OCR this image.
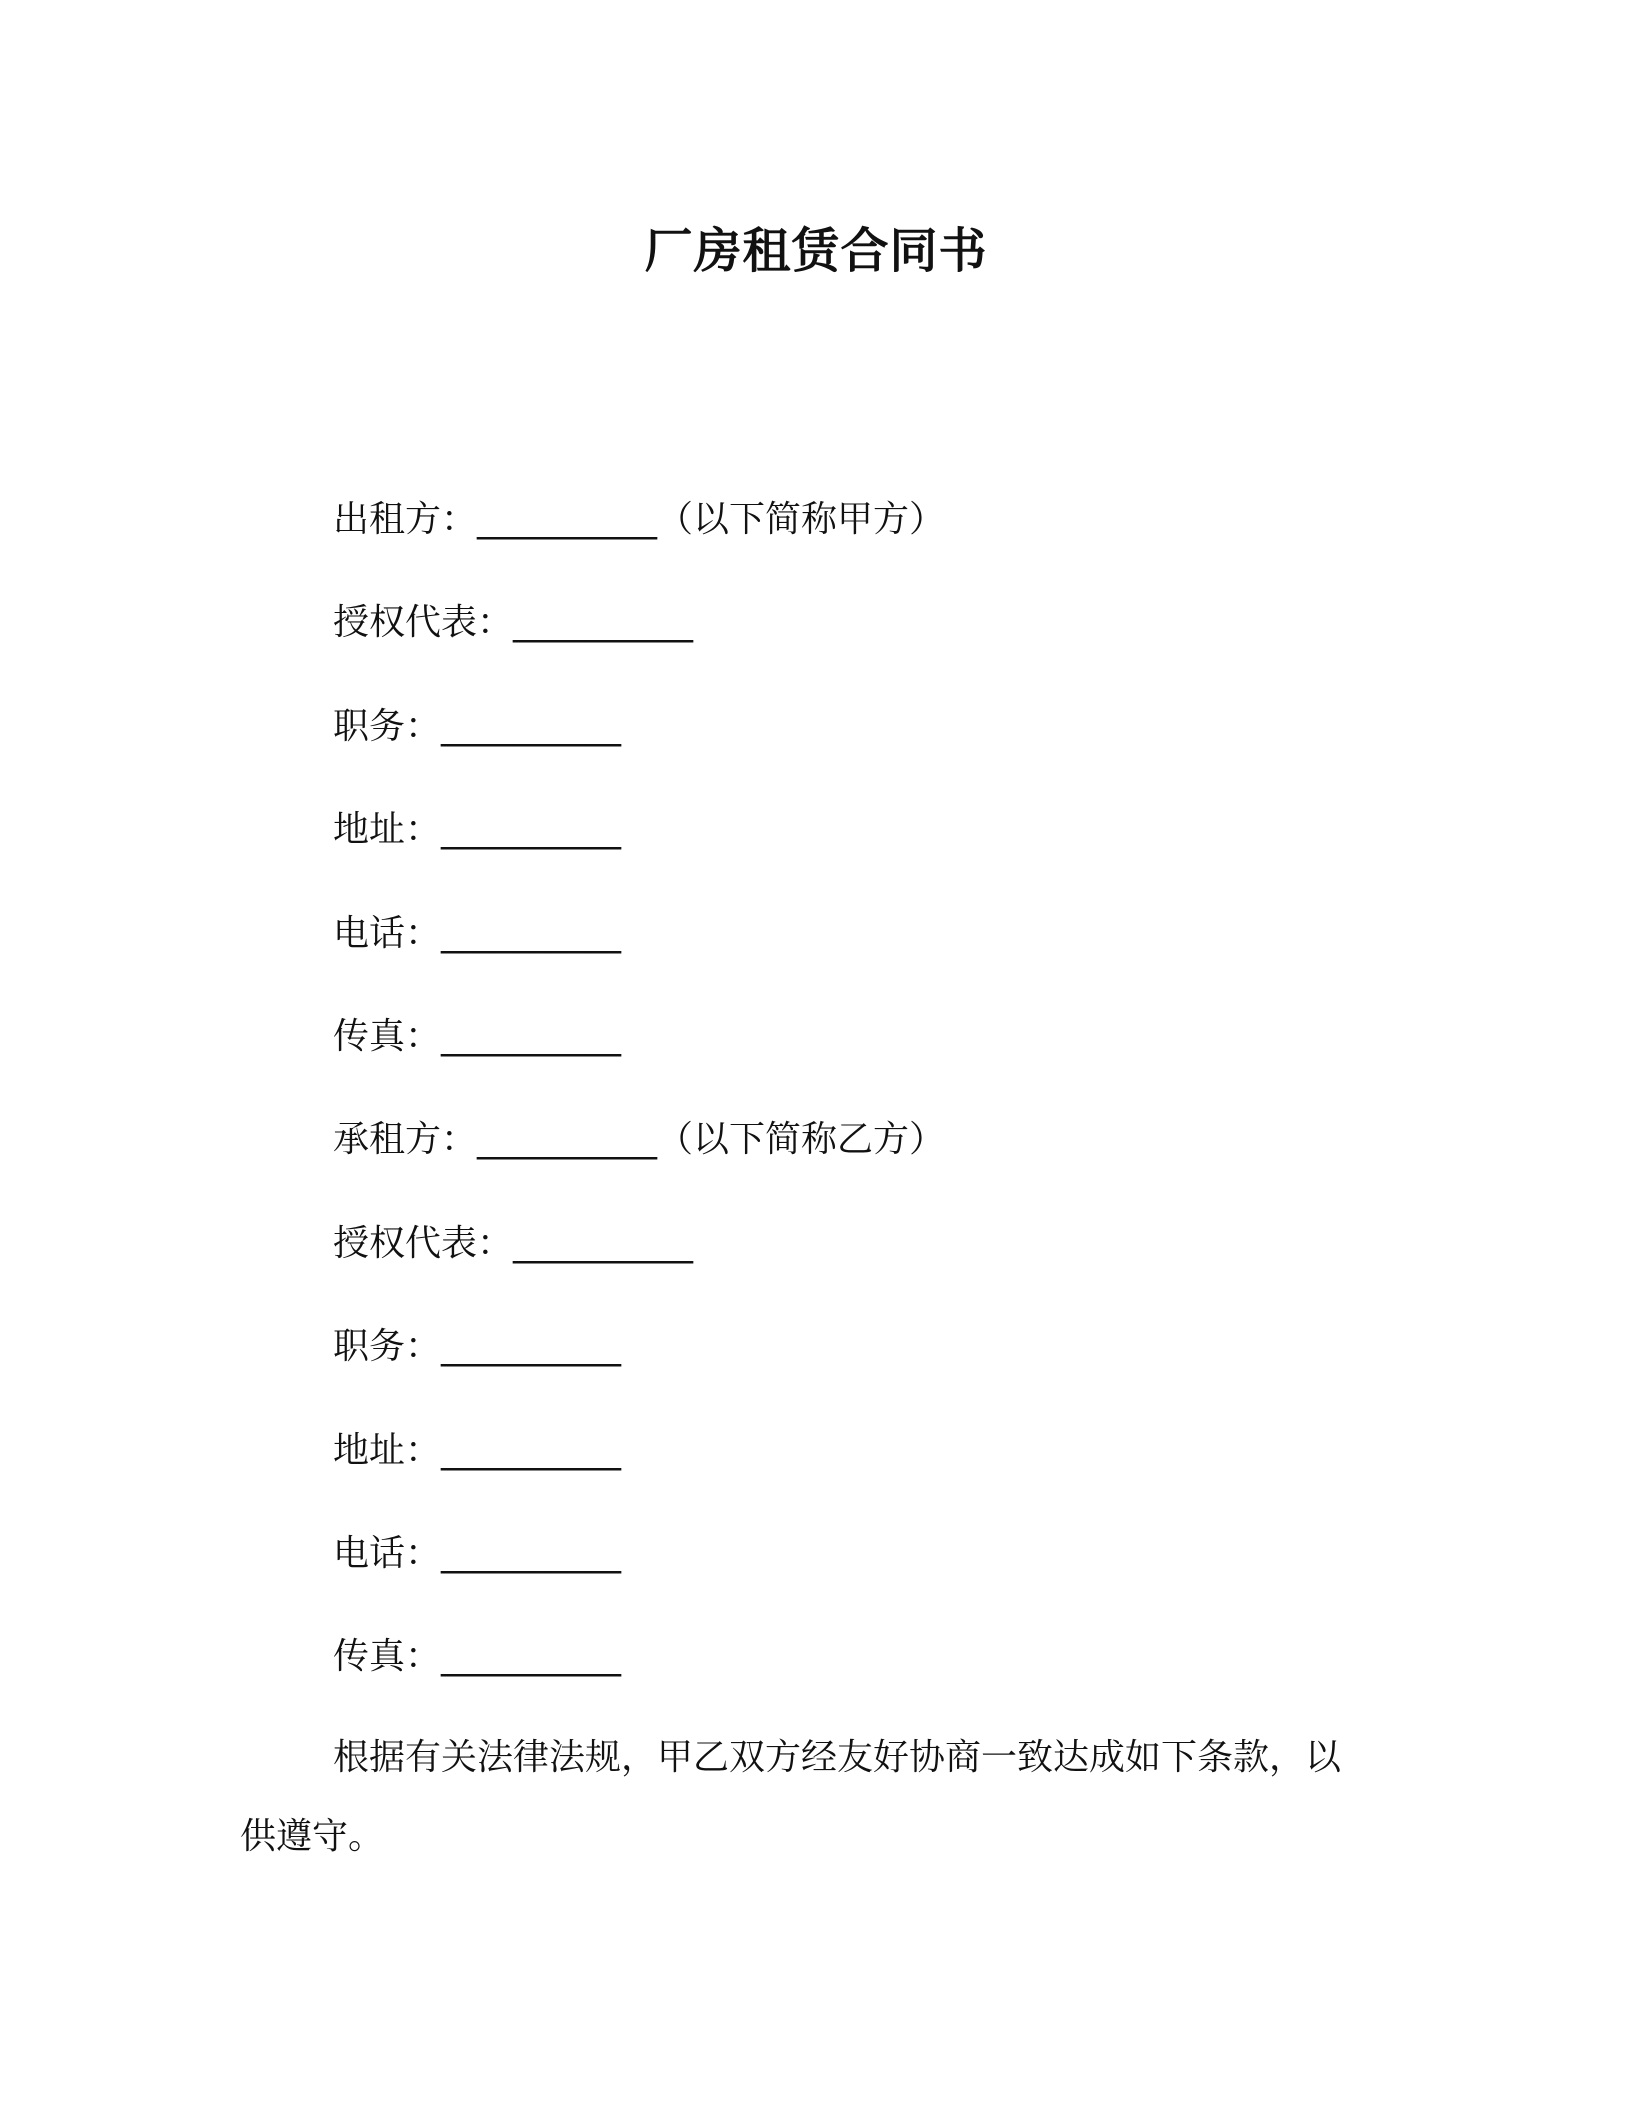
厂房租赁合同书
出租方：__________（以下简称甲方）
授权代表：__________
职务：__________
地址：__________
电话：__________
传真：__________
承租方：__________（以下简称乙方）
授权代表：__________
职务：__________
地址：__________
电话：__________
传真：__________
根据有关法律法规，甲乙双方经友好协商一致达成如下条款，以
供遵守。
